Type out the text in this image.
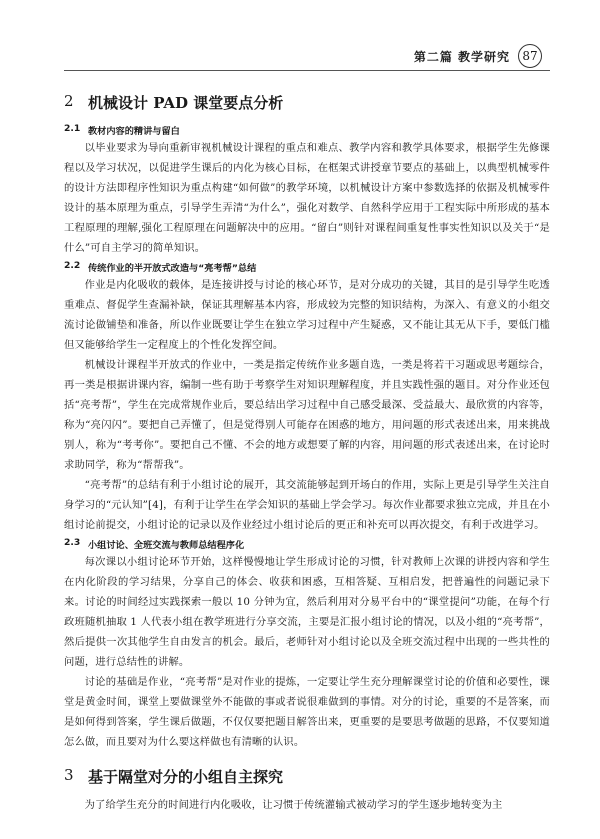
第二篇 教学研究	87
2 机械设计 PAD 课堂要点分析
2.1 教材内容的精讲与留白

以毕业要求为导向重新审视机械设计课程的重点和难点、教学内容和教学具体要求，根据学生先修课程以及学习状况，以促进学生课后的内化为核心目标，在框架式讲授章节要点的基础上，以典型机械零件的设计方法即程序性知识为重点构建“如何做”的教学环境，以机械设计方案中参数选择的依据及机械零件设计的基本原理为重点，引导学生弄清“为什么”，强化对数学、自然科学应用于工程实际中所形成的基本工程原理的理解,强化工程原理在问题解决中的应用。“留白”则针对课程间重复性事实性知识以及关于“是什么”可自主学习的简单知识。

2.2 传统作业的半开放式改造与“亮考帮”总结

作业是内化吸收的载体，是连接讲授与讨论的核心环节，是对分成功的关键，其目的是引导学生吃透重难点、督促学生查漏补缺，保证其理解基本内容，形成较为完整的知识结构，为深入、有意义的小组交流讨论做铺垫和准备，所以作业既要让学生在独立学习过程中产生疑惑，又不能让其无从下手，要低门槛但又能够给学生一定程度上的个性化发挥空间。

机械设计课程半开放式的作业中，一类是指定传统作业多题自选，一类是将若干习题或思考题综合，再一类是根据讲课内容，编制一些有助于考察学生对知识理解程度，并且实践性强的题目。对分作业还包括“亮考帮”，学生在完成常规作业后，要总结出学习过程中自己感受最深、受益最大、最欣赏的内容等，称为“亮闪闪”。要把自己弄懂了，但是觉得别人可能存在困惑的地方，用问题的形式表述出来，用来挑战别人，称为“考考你”。要把自己不懂、不会的地方或想要了解的内容，用问题的形式表述出来，在讨论时求助同学，称为“帮帮我”。

“亮考帮”的总结有利于小组讨论的展开，其交流能够起到开场白的作用，实际上更是引导学生关注自身学习的“元认知”[4]，有利于让学生在学会知识的基础上学会学习。每次作业都要求独立完成，并且在小组讨论前提交，小组讨论的记录以及作业经过小组讨论后的更正和补充可以再次提交，有利于改进学习。

2.3 小组讨论、全班交流与教师总结程序化

每次课以小组讨论环节开始，这样慢慢地让学生形成讨论的习惯，针对教师上次课的讲授内容和学生在内化阶段的学习结果，分享自己的体会、收获和困惑，互相答疑、互相启发，把普遍性的问题记录下来。讨论的时间经过实践探索一般以 10 分钟为宜，然后利用对分易平台中的“课堂提问”功能，在每个行政班随机抽取 1 人代表小组在教学班进行分享交流，主要是汇报小组讨论的情况，以及小组的“亮考帮”，然后提供一次其他学生自由发言的机会。最后，老师针对小组讨论以及全班交流过程中出现的一些共性的问题，进行总结性的讲解。

讨论的基础是作业，“亮考帮”是对作业的提炼，一定要让学生充分理解课堂讨论的价值和必要性，课堂是黄金时间，课堂上要做课堂外不能做的事或者说很难做到的事情。对分的讨论，重要的不是答案，而是如何得到答案，学生课后做题，不仅仅要把题目解答出来，更重要的是要思考做题的思路，不仅要知道怎么做，而且要对为什么要这样做也有清晰的认识。

3 基于隔堂对分的小组自主探究

为了给学生充分的时间进行内化吸收，让习惯于传统灌输式被动学习的学生逐步地转变为主
